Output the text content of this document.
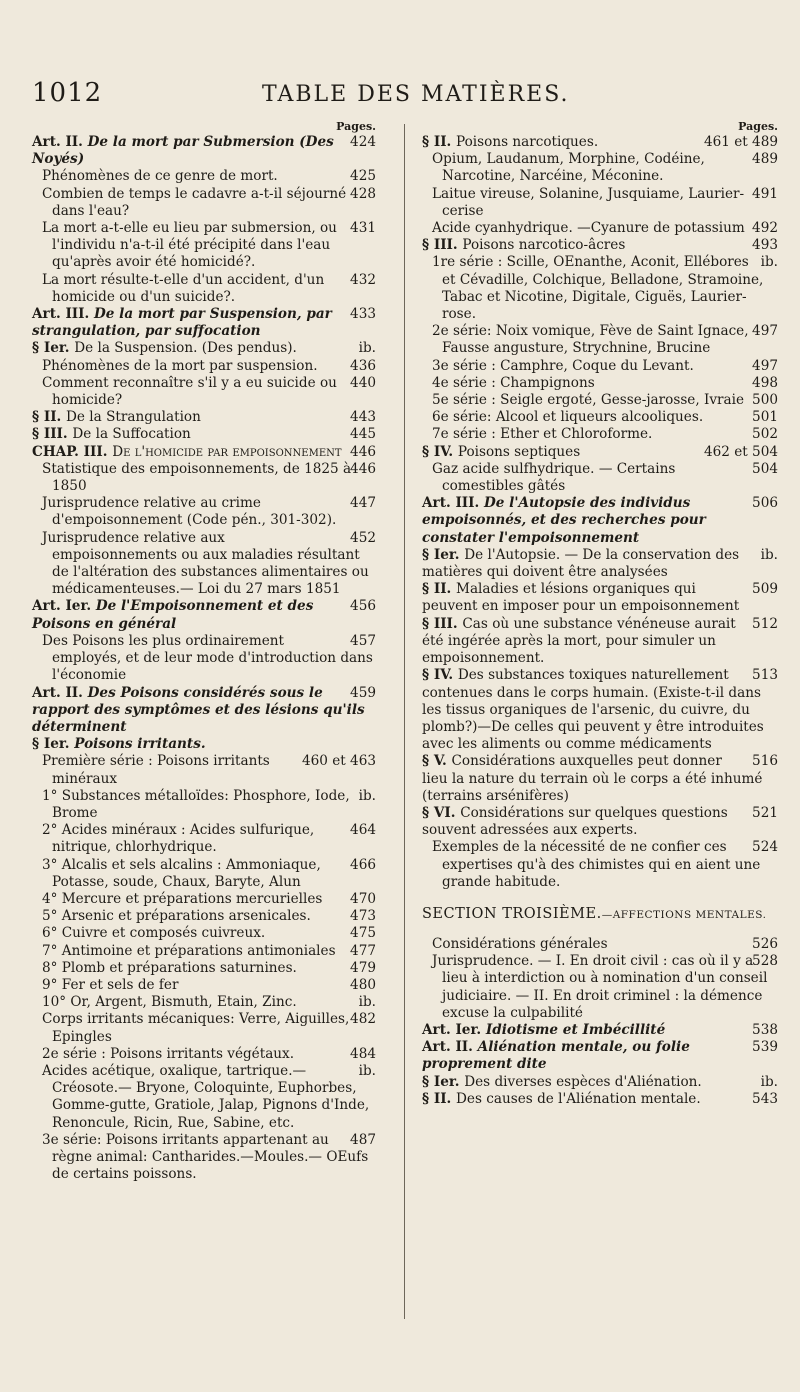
1012	TABLE DES MATIÈRES.
Pages.
424
Art. II. De la mort par Submersion (Des Noyés)
425
Phénomènes de ce genre de mort.
428
Combien de temps le cadavre a-t-il séjourné dans l'eau?
431
La mort a-t-elle eu lieu par submersion, ou l'individu n'a-t-il été précipité dans l'eau qu'après avoir été homicidé?.
432
La mort résulte-t-elle d'un accident, d'un homicide ou d'un suicide?.
433
Art. III. De la mort par Suspension, par strangulation, par suffocation
ib.
§ Ier. De la Suspension. (Des pendus).
436
Phénomènes de la mort par suspension.
440
Comment reconnaître s'il y a eu suicide ou homicide?
443
§ II. De la Strangulation
445
§ III. De la Suffocation
446
CHAP. III. De l'homicide par empoisonnement
446
Statistique des empoisonnements, de 1825 à 1850
447
Jurisprudence relative au crime d'empoisonnement (Code pén., 301-302).
452
Jurisprudence relative aux empoisonnements ou aux maladies résultant de l'altération des substances alimentaires ou médicamenteuses.— Loi du 27 mars 1851
456
Art. Ier. De l'Empoisonnement et des Poisons en général
457
Des Poisons les plus ordinairement employés, et de leur mode d'introduction dans l'économie
459
Art. II. Des Poisons considérés sous le rapport des symptômes et des lésions qu'ils déterminent
§ Ier. Poisons irritants.
460 et 463
Première série : Poisons irritants minéraux
ib.
1° Substances métalloïdes: Phosphore, Iode, Brome
464
2° Acides minéraux : Acides sulfurique, nitrique, chlorhydrique.
466
3° Alcalis et sels alcalins : Ammoniaque, Potasse, soude, Chaux, Baryte, Alun
470
4° Mercure et préparations mercurielles
473
5° Arsenic et préparations arsenicales.
475
6° Cuivre et composés cuivreux.
477
7° Antimoine et préparations antimoniales
479
8° Plomb et préparations saturnines.
480
9° Fer et sels de fer
ib.
10° Or, Argent, Bismuth, Etain, Zinc.
482
Corps irritants mécaniques: Verre, Aiguilles, Epingles
484
2e série : Poisons irritants végétaux.
ib.
Acides acétique, oxalique, tartrique.— Créosote.— Bryone, Coloquinte, Euphorbes, Gomme-gutte, Gratiole, Jalap, Pignons d'Inde, Renoncule, Ricin, Rue, Sabine, etc.
487
3e série: Poisons irritants appartenant au règne animal: Cantharides.—Moules.— OEufs de certains poissons.
Pages.
461 et 489
§ II. Poisons narcotiques.
489
Opium, Laudanum, Morphine, Codéine, Narcotine, Narcéine, Méconine.
491
Laitue vireuse, Solanine, Jusquiame, Laurier-cerise
492
Acide cyanhydrique. —Cyanure de potassium
493
§ III. Poisons narcotico-âcres
ib.
1re série : Scille, OEnanthe, Aconit, Ellébores et Cévadille, Colchique, Belladone, Stramoine, Tabac et Nicotine, Digitale, Ciguës, Laurier-rose.
497
2e série: Noix vomique, Fève de Saint Ignace, Fausse angusture, Strychnine, Brucine
497
3e série : Camphre, Coque du Levant.
498
4e série : Champignons
500
5e série : Seigle ergoté, Gesse-jarosse, Ivraie
501
6e série: Alcool et liqueurs alcooliques.
502
7e série : Ether et Chloroforme.
462 et 504
§ IV. Poisons septiques
504
Gaz acide sulfhydrique. — Certains comestibles gâtés
506
Art. III. De l'Autopsie des individus empoisonnés, et des recherches pour constater l'empoisonnement
ib.
§ Ier. De l'Autopsie. — De la conservation des matières qui doivent être analysées
509
§ II. Maladies et lésions organiques qui peuvent en imposer pour un empoisonnement
512
§ III. Cas où une substance vénéneuse aurait été ingérée après la mort, pour simuler un empoisonnement.
513
§ IV. Des substances toxiques naturellement contenues dans le corps humain. (Existe-t-il dans les tissus organiques de l'arsenic, du cuivre, du plomb?)—De celles qui peuvent y être introduites avec les aliments ou comme médicaments
516
§ V. Considérations auxquelles peut donner lieu la nature du terrain où le corps a été inhumé (terrains arsénifères)
521
§ VI. Considérations sur quelques questions souvent adressées aux experts.
524
Exemples de la nécessité de ne confier ces expertises qu'à des chimistes qui en aient une grande habitude.
SECTION TROISIÈME.—AFFECTIONS MENTALES.
526
Considérations générales
528
Jurisprudence. — I. En droit civil : cas où il y a lieu à interdiction ou à nomination d'un conseil judiciaire. — II. En droit criminel : la démence excuse la culpabilité
538
Art. Ier. Idiotisme et Imbécillité
539
Art. II. Aliénation mentale, ou folie proprement dite
ib.
§ Ier. Des diverses espèces d'Aliénation.
543
§ II. Des causes de l'Aliénation mentale.
